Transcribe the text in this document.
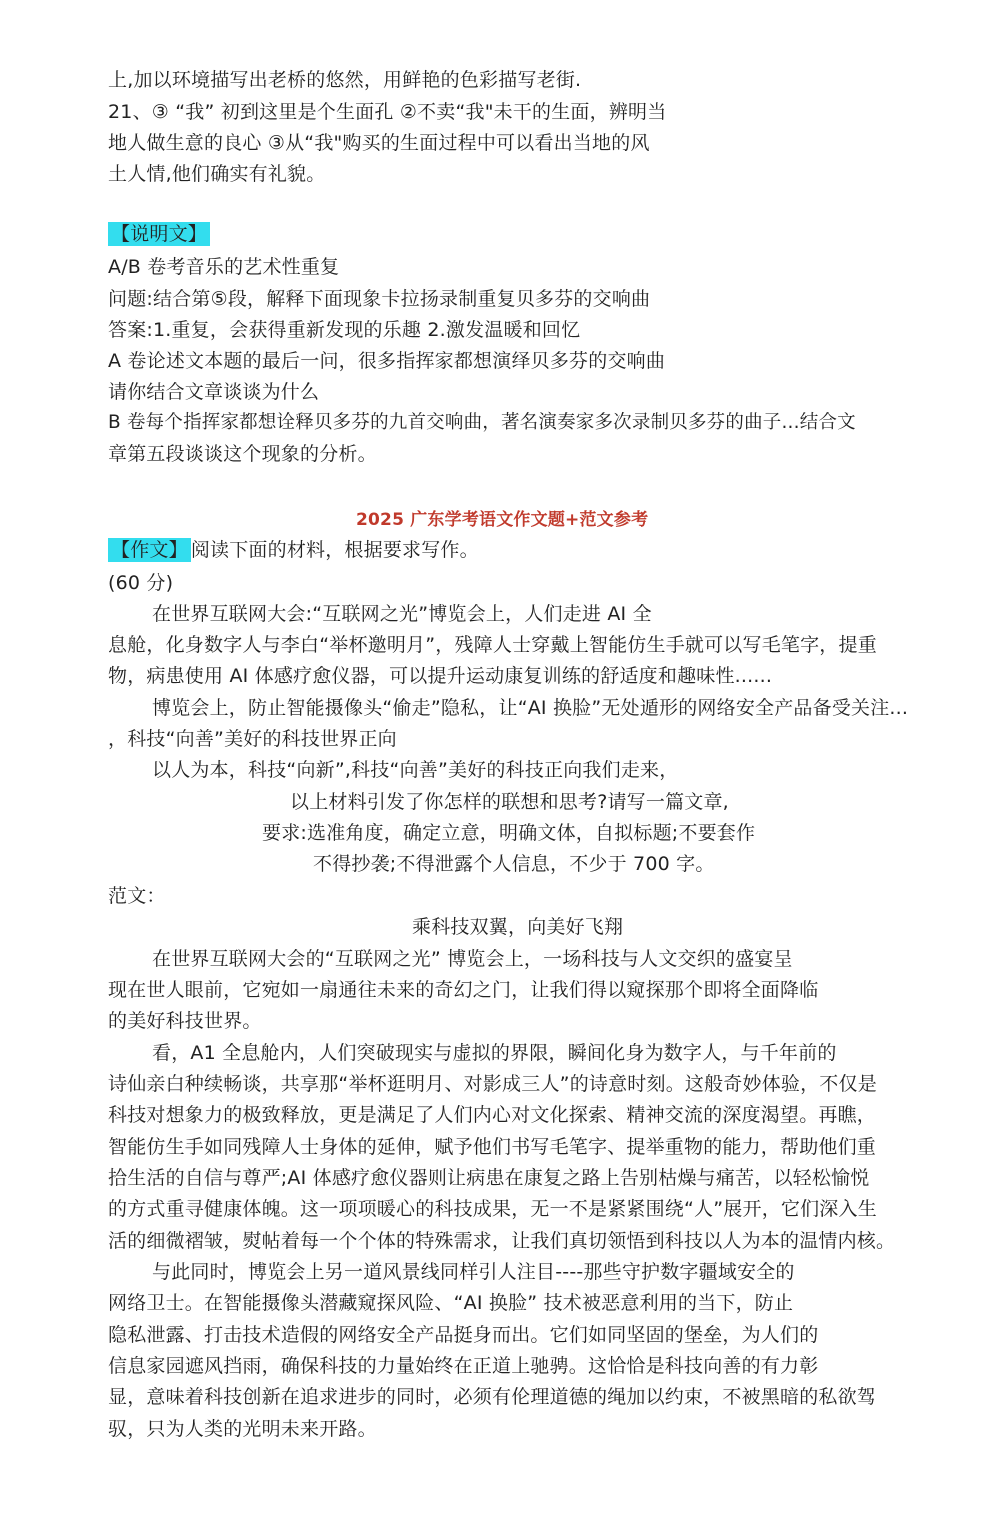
上,加以环境描写出老桥的悠然，用鲜艳的色彩描写老街.
21、③ “我” 初到这里是个生面孔 ②不卖“我"未干的生面，辨明当
地人做生意的良心 ③从“我"购买的生面过程中可以看出当地的风
土人情,他们确实有礼貌。
【说明文】
A/B 卷考音乐的艺术性重复
问题:结合第⑤段，解释下面现象卡拉扬录制重复贝多芬的交响曲
答案:1.重复，会获得重新发现的乐趣 2.激发温暖和回忆
A 卷论述文本题的最后一问，很多指挥家都想演绎贝多芬的交响曲
请你结合文章谈谈为什么
B 卷每个指挥家都想诠释贝多芬的九首交响曲，著名演奏家多次录制贝多芬的曲子...结合文
章第五段谈谈这个现象的分析。
2025 广东学考语文作文题+范文参考
【作文】 阅读下面的材料，根据要求写作。
(60 分)
在世界互联网大会:“互联网之光”博览会上，人们走进 AI 全
息舱，化身数字人与李白“举杯邀明月”，残障人士穿戴上智能仿生手就可以写毛笔字，提重
物，病患使用 AI 体感疗愈仪器，可以提升运动康复训练的舒适度和趣味性......
博览会上，防止智能摄像头“偷走”隐私，让“AI 换脸”无处遁形的网络安全产品备受关注...
，科技“向善”美好的科技世界正向
以人为本，科技“向新”,科技“向善”美好的科技正向我们走来，
以上材料引发了你怎样的联想和思考?请写一篇文章,
要求:选准角度，确定立意，明确文体，自拟标题;不要套作
不得抄袭;不得泄露个人信息，不少于 700 字。
范文：
乘科技双翼，向美好飞翔
在世界互联网大会的“互联网之光” 博览会上，一场科技与人文交织的盛宴呈
现在世人眼前，它宛如一扇通往未来的奇幻之门，让我们得以窥探那个即将全面降临
的美好科技世界。
看，A1 全息舱内，人们突破现实与虚拟的界限，瞬间化身为数字人，与千年前的
诗仙亲白种续畅谈，共享那“举杯逛明月、对影成三人”的诗意时刻。这般奇妙体验，不仅是
科技对想象力的极致释放，更是满足了人们内心对文化探索、精神交流的深度渴望。再瞧，
智能仿生手如同残障人士身体的延伸，赋予他们书写毛笔字、提举重物的能力，帮助他们重
拾生活的自信与尊严;AI 体感疗愈仪器则让病患在康复之路上告别枯燥与痛苦，以轻松愉悦
的方式重寻健康体魄。这一项项暖心的科技成果，无一不是紧紧围绕“人”展开，它们深入生
活的细微褶皱，熨帖着每一个个体的特殊需求，让我们真切领悟到科技以人为本的温情内核。
与此同时，博览会上另一道风景线同样引人注目----那些守护数字疆域安全的
网络卫士。在智能摄像头潜藏窥探风险、“AI 换脸” 技术被恶意利用的当下，防止
隐私泄露、打击技术造假的网络安全产品挺身而出。它们如同坚固的堡垒，为人们的
信息家园遮风挡雨，确保科技的力量始终在正道上驰骋。这恰恰是科技向善的有力彰
显，意味着科技创新在追求进步的同时，必须有伦理道德的绳加以约束，不被黑暗的私欲驾
驭，只为人类的光明未来开路。
